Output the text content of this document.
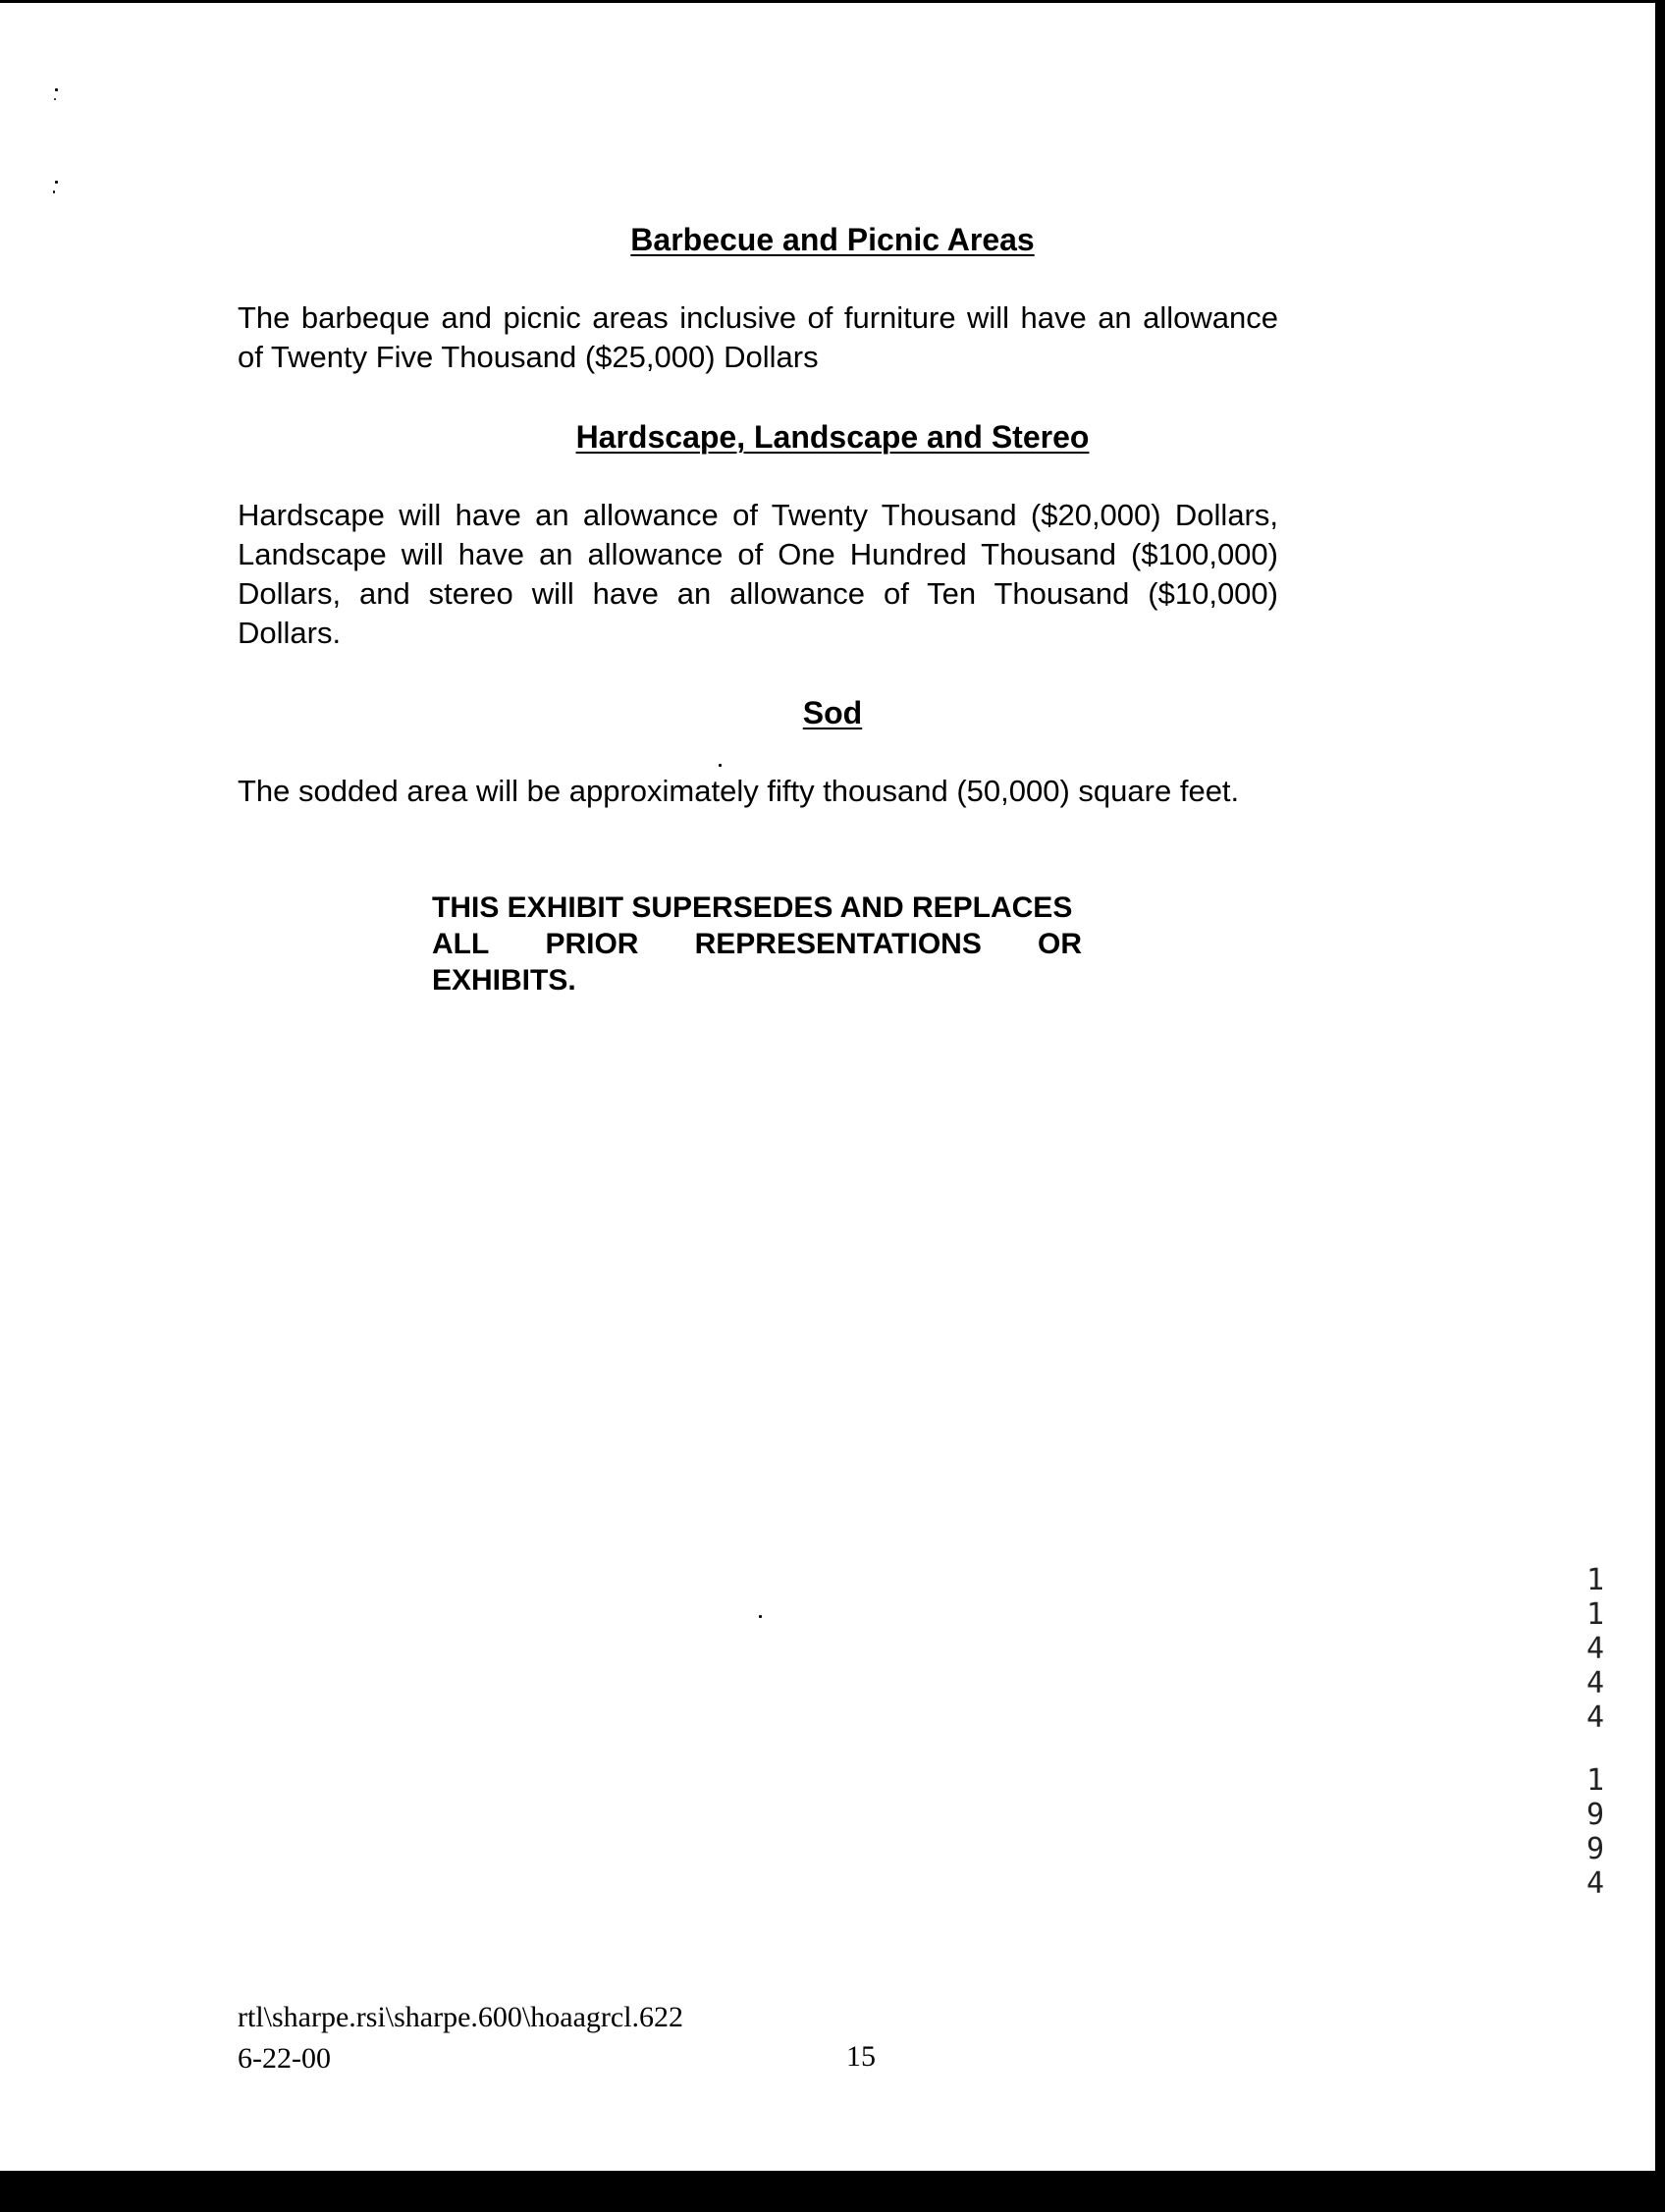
Barbecue and Picnic Areas
The barbeque and picnic areas inclusive of furniture will have an allowance
of Twenty Five Thousand ($25,000) Dollars
Hardscape, Landscape and Stereo
Hardscape will have an allowance of Twenty Thousand ($20,000) Dollars,
Landscape will have an allowance of One Hundred Thousand ($100,000)
Dollars, and stereo will have an allowance of Ten Thousand ($10,000)
Dollars.
Sod
The sodded area will be approximately fifty thousand (50,000) square feet.
THIS EXHIBIT SUPERSEDES AND REPLACES
ALL PRIOR REPRESENTATIONS OR
EXHIBITS.
11444
1994
rtl\sharpe.rsi\sharpe.600\hoaagrcl.622
6-22-00	15
